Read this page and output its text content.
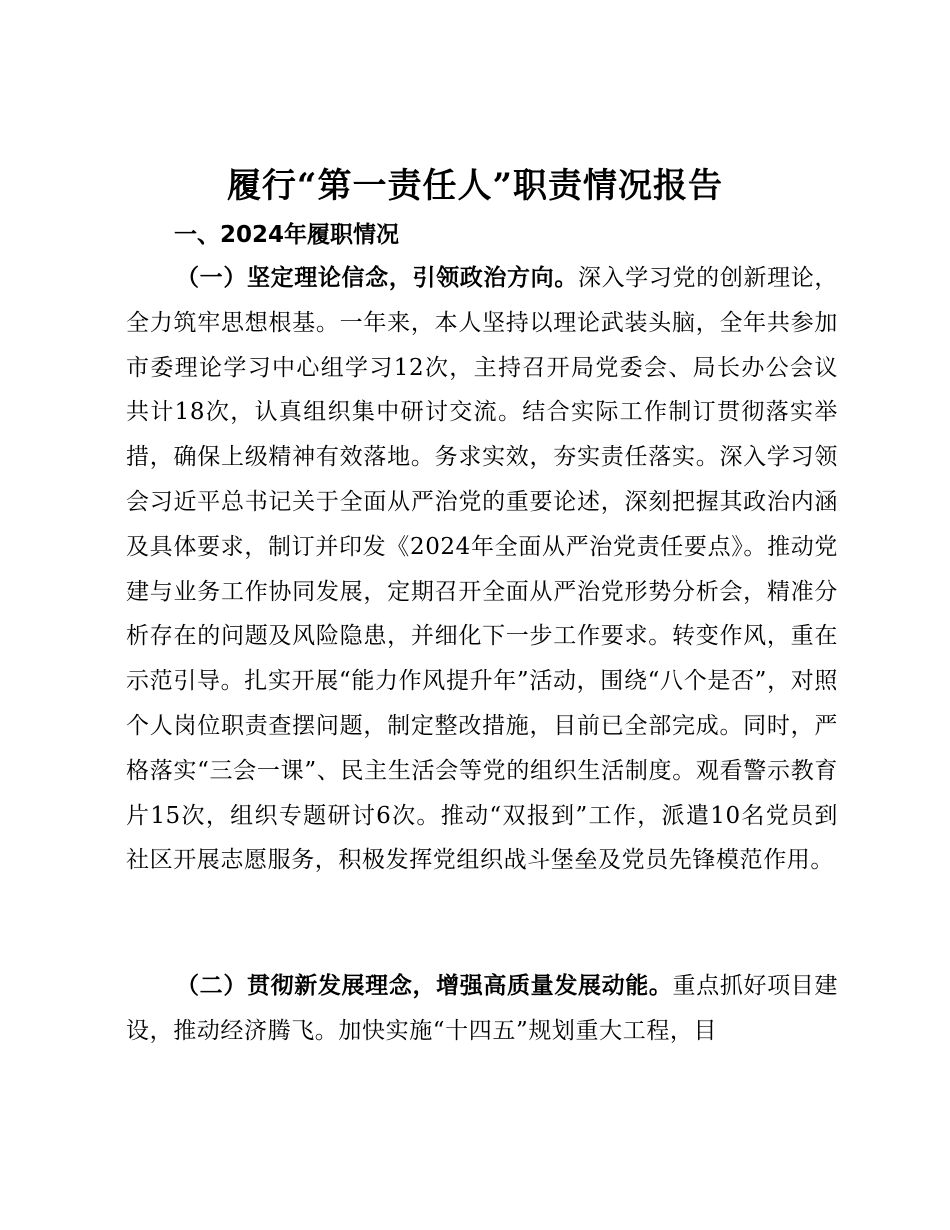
履行“第一责任人”职责情况报告
一、2024年履职情况

（一）坚定理论信念，引领政治方向。深入学习党的创新理论，全力筑牢思想根基。一年来，本人坚持以理论武装头脑，全年共参加市委理论学习中心组学习12次，主持召开局党委会、局长办公会议共计18次，认真组织集中研讨交流。结合实际工作制订贯彻落实举措，确保上级精神有效落地。务求实效，夯实责任落实。深入学习领会习近平总书记关于全面从严治党的重要论述，深刻把握其政治内涵及具体要求，制订并印发《2024年全面从严治党责任要点》。推动党建与业务工作协同发展，定期召开全面从严治党形势分析会，精准分析存在的问题及风险隐患，并细化下一步工作要求。转变作风，重在示范引导。扎实开展“能力作风提升年”活动，围绕“八个是否”，对照个人岗位职责查摆问题，制定整改措施，目前已全部完成。同时，严格落实“三会一课”、民主生活会等党的组织生活制度。观看警示教育片15次，组织专题研讨6次。推动“双报到”工作，派遣10名党员到社区开展志愿服务，积极发挥党组织战斗堡垒及党员先锋模范作用。

（二）贯彻新发展理念，增强高质量发展动能。重点抓好项目建设，推动经济腾飞。加快实施“十四五”规划重大工程，目
